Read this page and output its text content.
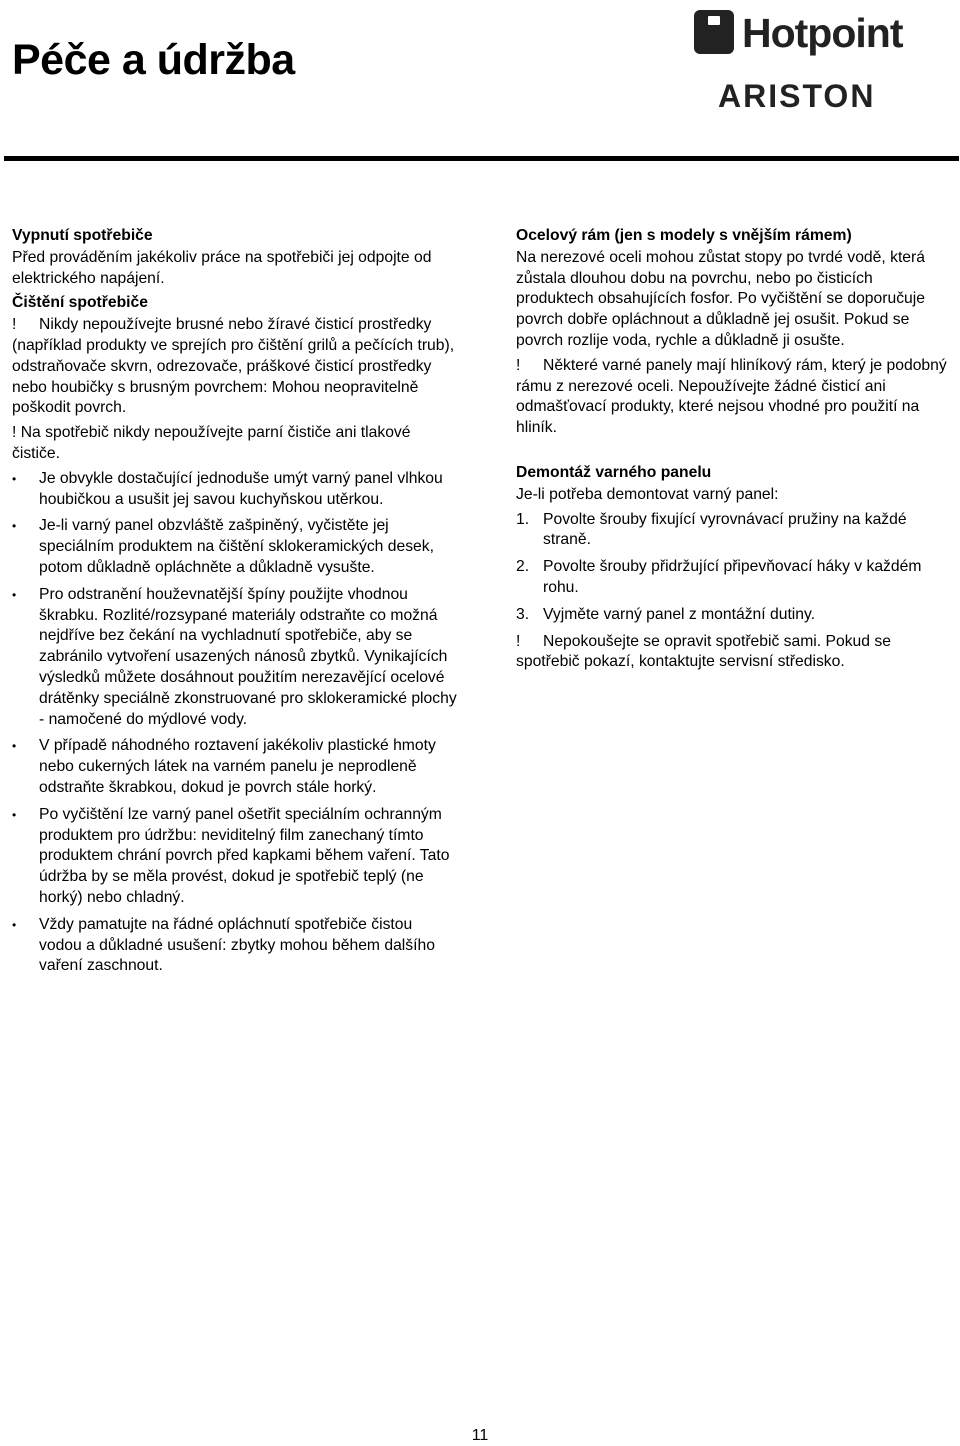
Péče a údržba
Hotpoint
ARISTON
Vypnutí spotřebiče

Před prováděním jakékoliv práce na spotřebiči jej odpojte od elektrického napájení.

Čištění spotřebiče

! Nikdy nepoužívejte brusné nebo žíravé čisticí prostředky (například produkty ve sprejích pro čištění grilů a pečících trub), odstraňovače skvrn, odrezovače, práškové čisticí prostředky nebo houbičky s brusným povrchem: Mohou neopravitelně poškodit povrch.

! Na spotřebič nikdy nepoužívejte parní čističe ani tlakové čističe.

• Je obvykle dostačující jednoduše umýt varný panel vlhkou houbičkou a usušit jej savou kuchyňskou utěrkou.
• Je-li varný panel obzvláště zašpiněný, vyčistěte jej speciálním produktem na čištění sklokeramických desek, potom důkladně opláchněte a důkladně vysušte.
• Pro odstranění houževnatější špíny použijte vhodnou škrabku. Rozlité/rozsypané materiály odstraňte co možná nejdříve bez čekání na vychladnutí spotřebiče, aby se zabránilo vytvoření usazených nánosů zbytků. Vynikajících výsledků můžete dosáhnout použitím nerezavějící ocelové drátěnky speciálně zkonstruované pro sklokeramické plochy - namočené do mýdlové vody.
• V případě náhodného roztavení jakékoliv plastické hmoty nebo cukerných látek na varném panelu je neprodleně odstraňte škrabkou, dokud je povrch stále horký.
• Po vyčištění lze varný panel ošetřit speciálním ochranným produktem pro údržbu: neviditelný film zanechaný tímto produktem chrání povrch před kapkami během vaření. Tato údržba by se měla provést, dokud je spotřebič teplý (ne horký) nebo chladný.
• Vždy pamatujte na řádné opláchnutí spotřebiče čistou vodou a důkladné usušení: zbytky mohou během dalšího vaření zaschnout.
Ocelový rám (jen s modely s vnějším rámem)

Na nerezové oceli mohou zůstat stopy po tvrdé vodě, která zůstala dlouhou dobu na povrchu, nebo po čisticích produktech obsahujících fosfor. Po vyčištění se doporučuje povrch dobře opláchnout a důkladně jej osušit. Pokud se povrch rozlije voda, rychle a důkladně ji osušte.

! Některé varné panely mají hliníkový rám, který je podobný rámu z nerezové oceli. Nepoužívejte žádné čisticí ani odmašťovací produkty, které nejsou vhodné pro použití na hliník.

Demontáž varného panelu

Je-li potřeba demontovat varný panel:

1. Povolte šrouby fixující vyrovnávací pružiny na každé straně.
2. Povolte šrouby přidržující připevňovací háky v každém rohu.
3. Vyjměte varný panel z montážní dutiny.

! Nepokoušejte se opravit spotřebič sami. Pokud se spotřebič pokazí, kontaktujte servisní středisko.

11
